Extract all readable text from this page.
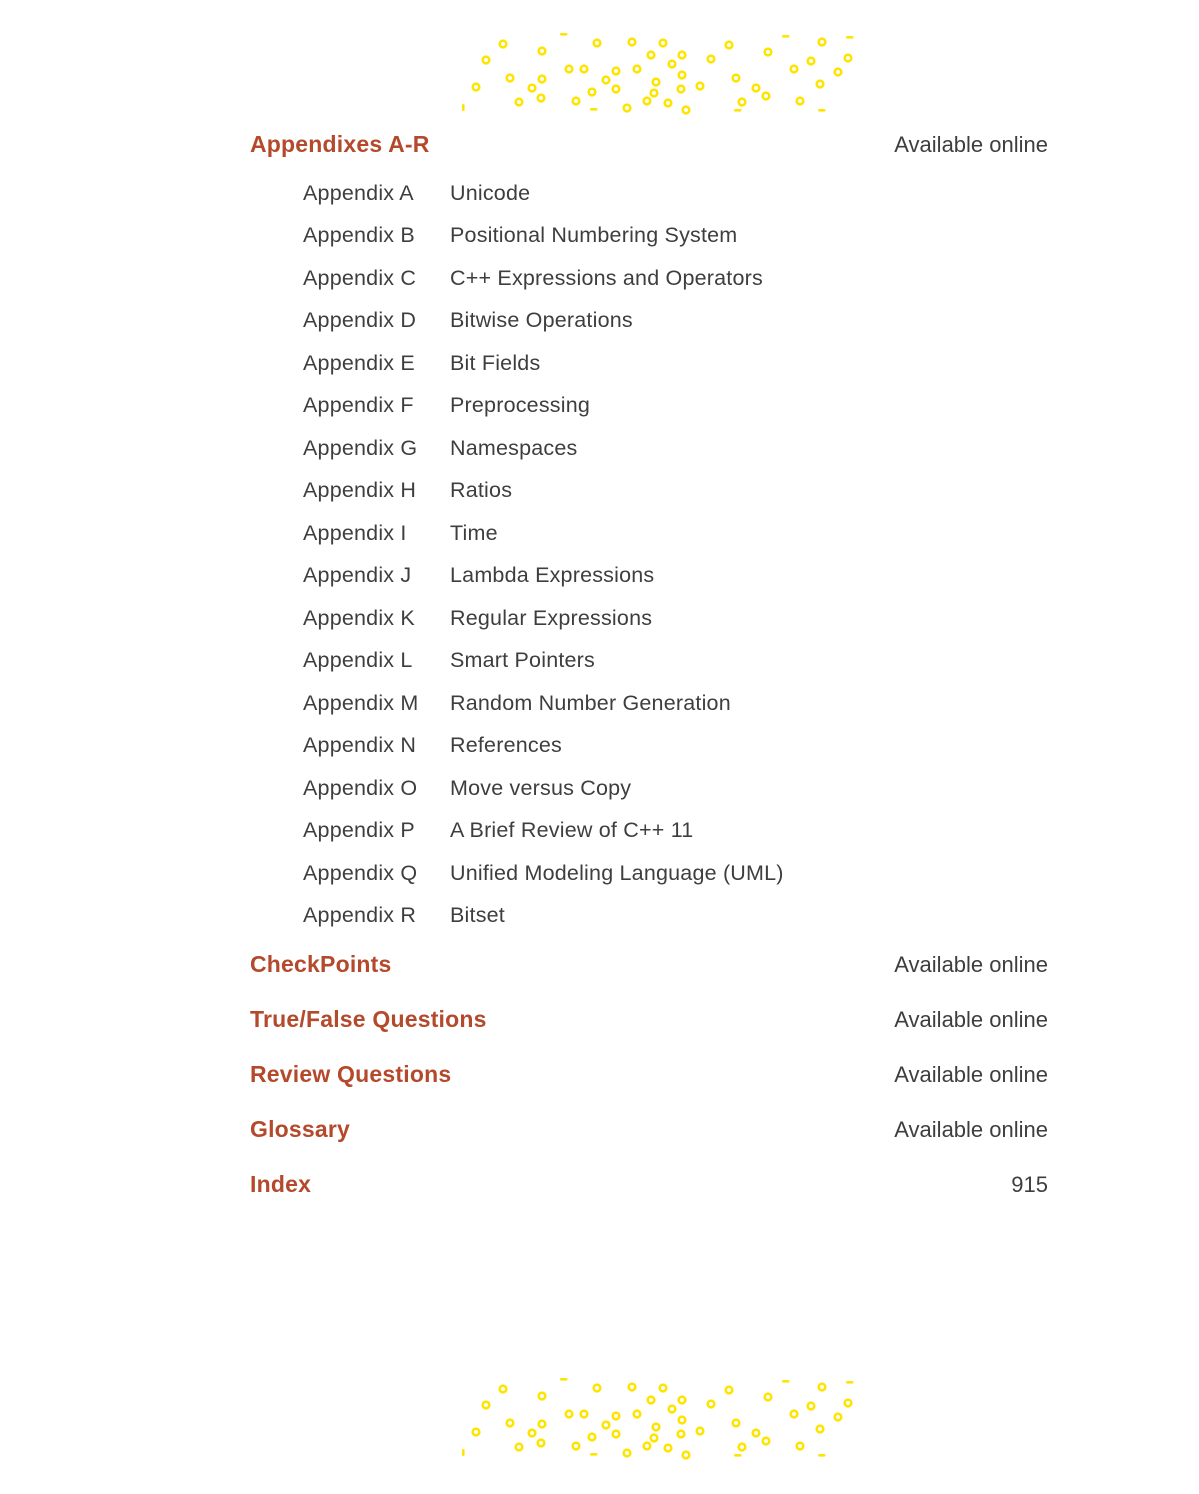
Appendixes A-R	Available online
Appendix A	Unicode
Appendix B	Positional Numbering System
Appendix C	C++ Expressions and Operators
Appendix D	Bitwise Operations
Appendix E	Bit Fields
Appendix F	Preprocessing
Appendix G	Namespaces
Appendix H	Ratios
Appendix I	Time
Appendix J	Lambda Expressions
Appendix K	Regular Expressions
Appendix L	Smart Pointers
Appendix M	Random Number Generation
Appendix N	References
Appendix O	Move versus Copy
Appendix P	A Brief Review of C++ 11
Appendix Q	Unified Modeling Language (UML)
Appendix R	Bitset
CheckPoints	Available online
True/False Questions	Available online
Review Questions	Available online
Glossary	Available online
Index	915
